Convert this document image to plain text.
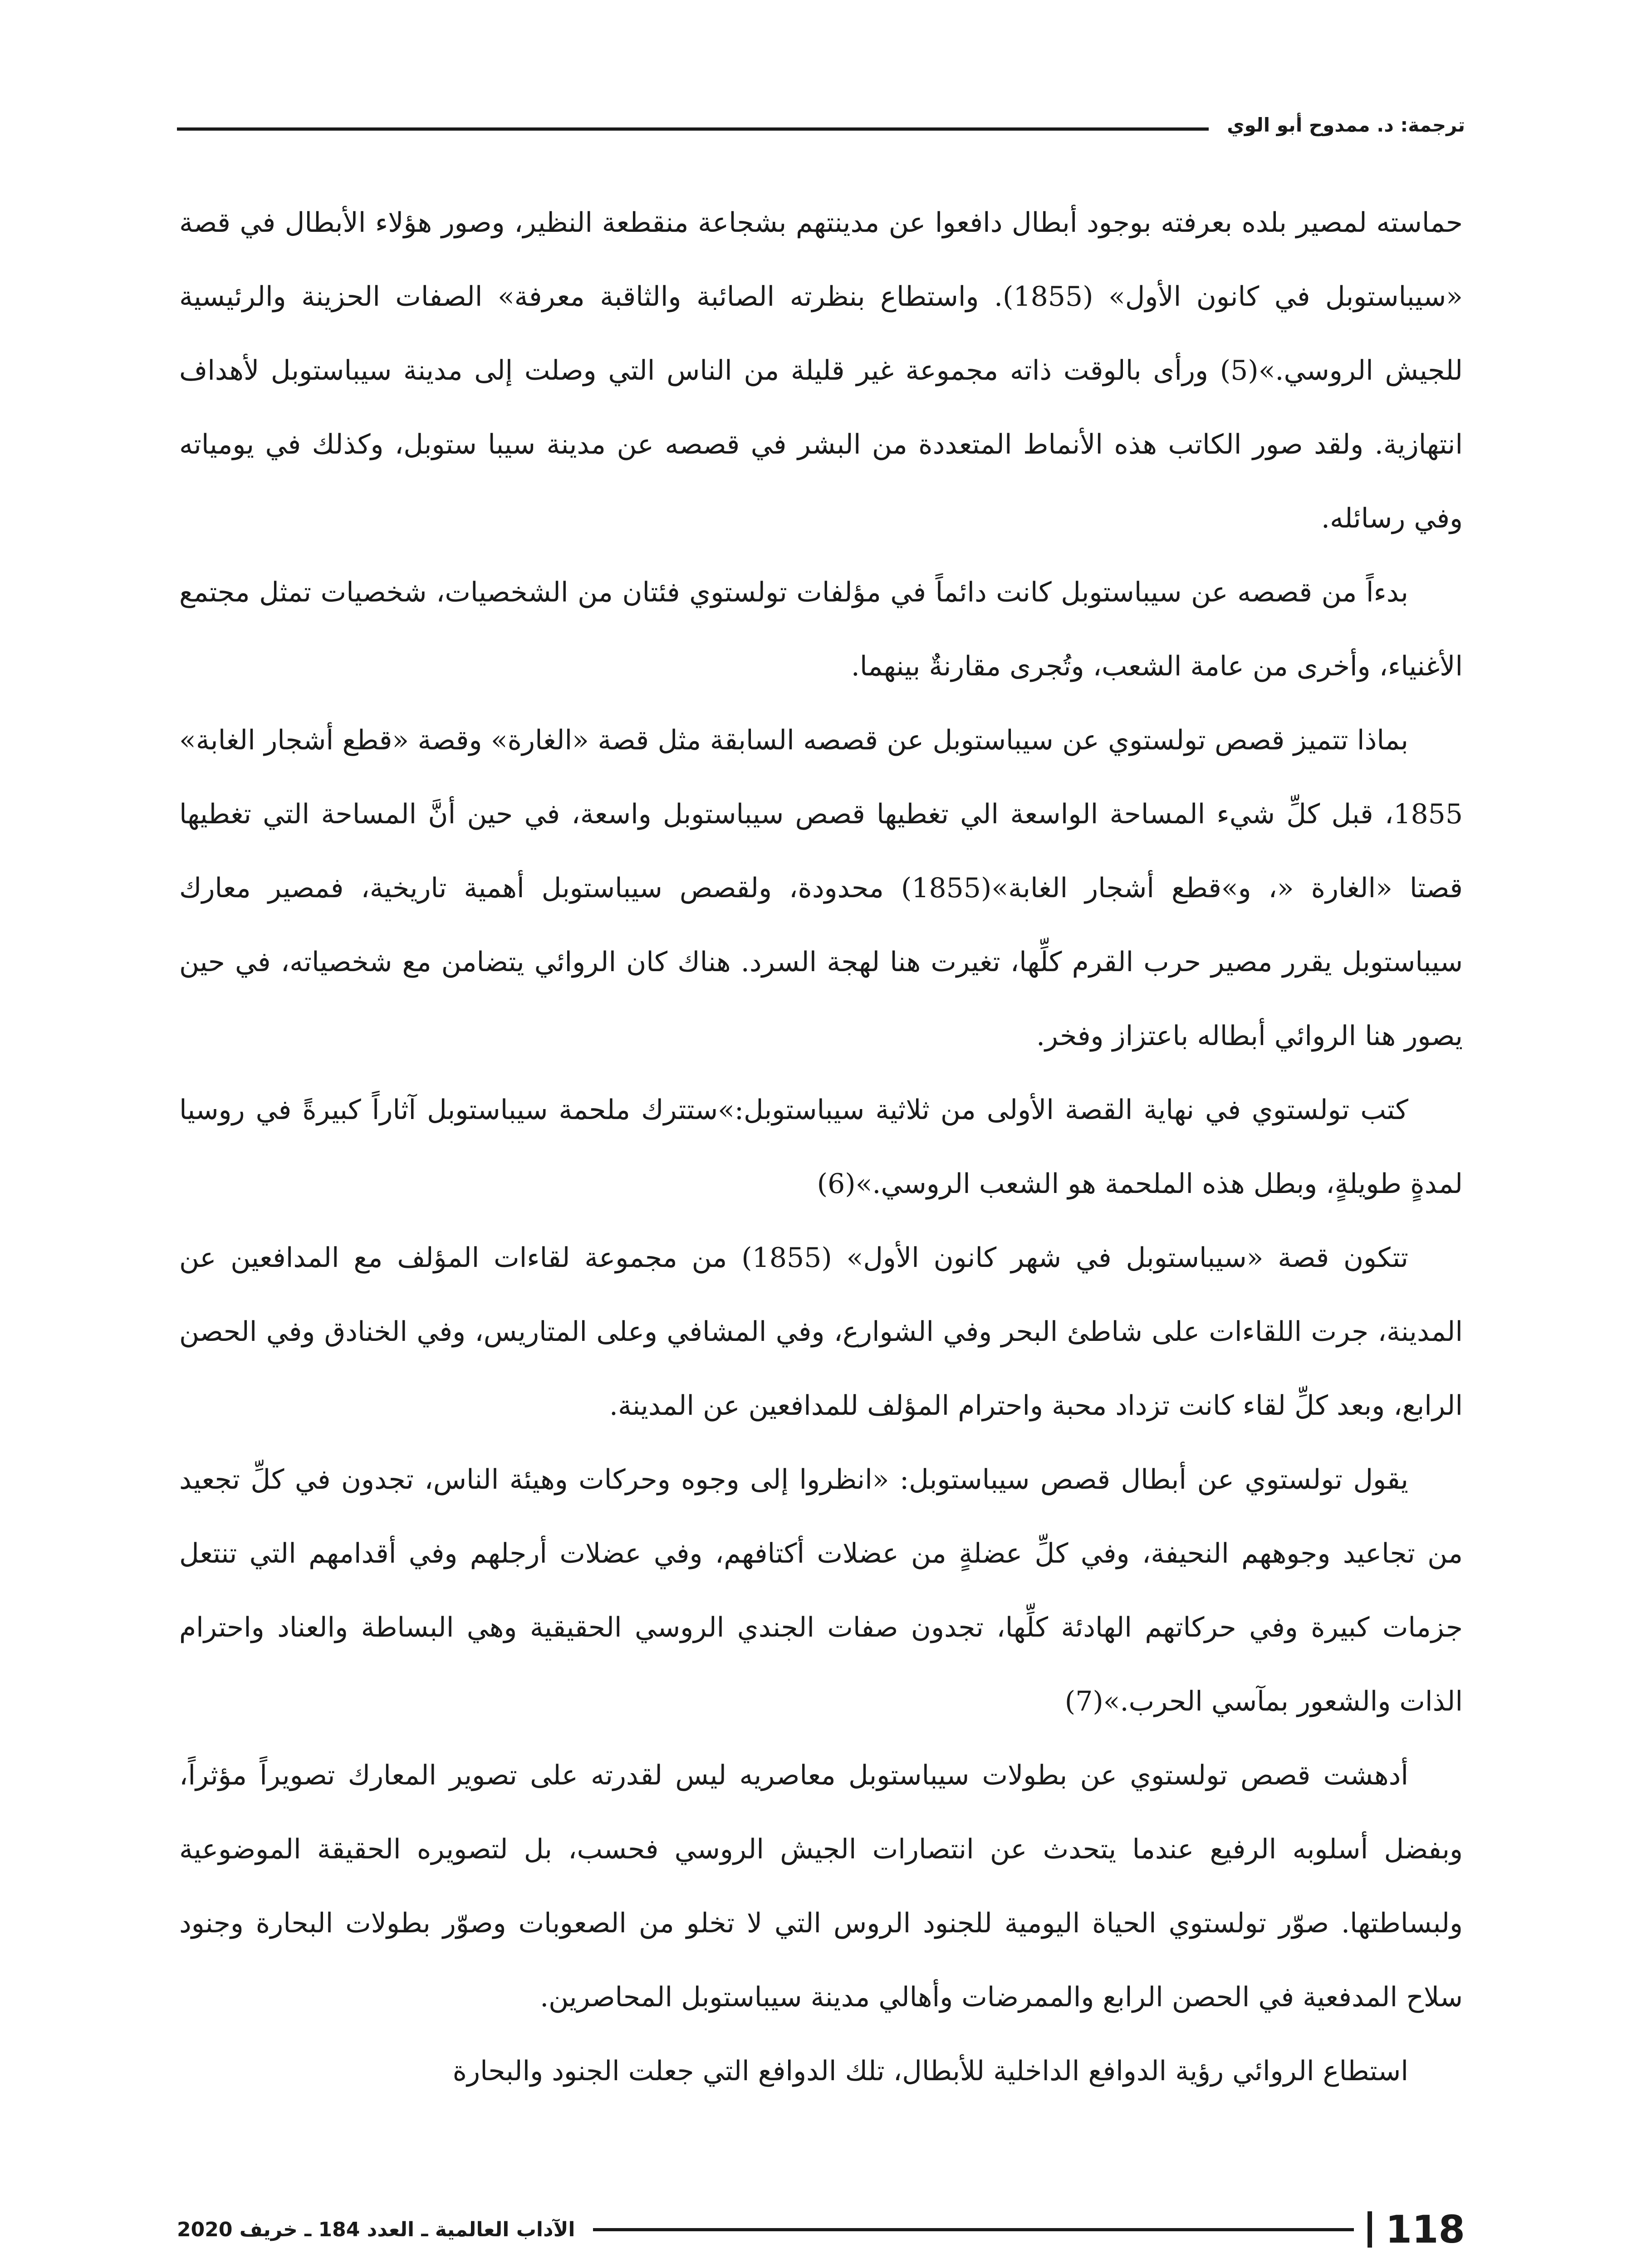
ترجمة: د. ممدوح أبو الوي

حماسته لمصير بلده بعرفته بوجود أبطال دافعوا عن مدينتهم بشجاعة منقطعة النظير، وصور هؤلاء الأبطال في قصة «سيباستوبل في كانون الأول» (1855). واستطاع بنظرته الصائبة والثاقبة معرفة» الصفات الحزينة والرئيسية للجيش الروسي.»(5) ورأى بالوقت ذاته مجموعة غير قليلة من الناس التي وصلت إلى مدينة سيباستوبل لأهداف انتهازية. ولقد صور الكاتب هذه الأنماط المتعددة من البشر في قصصه عن مدينة سيبا ستوبل، وكذلك في يومياته وفي رسائله.

بدءاً من قصصه عن سيباستوبل كانت دائماً في مؤلفات تولستوي فئتان من الشخصيات، شخصيات تمثل مجتمع الأغنياء، وأخرى من عامة الشعب، وتُجرى مقارنةٌ بينهما.

بماذا تتميز قصص تولستوي عن سيباستوبل عن قصصه السابقة مثل قصة «الغارة» وقصة «قطع أشجار الغابة» 1855، قبل كلِّ شيء المساحة الواسعة الي تغطيها قصص سيباستوبل واسعة، في حين أنَّ المساحة التي تغطيها قصتا «الغارة «، و»قطع أشجار الغابة»(1855) محدودة، ولقصص سيباستوبل أهمية تاريخية، فمصير معارك سيباستوبل يقرر مصير حرب القرم كلِّها، تغيرت هنا لهجة السرد. هناك كان الروائي يتضامن مع شخصياته، في حين يصور هنا الروائي أبطاله باعتزاز وفخر.

كتب تولستوي في نهاية القصة الأولى من ثلاثية سيباستوبل:»ستترك ملحمة سيباستوبل آثاراً كبيرةً في روسيا لمدةٍ طويلةٍ، وبطل هذه الملحمة هو الشعب الروسي.»(6)

تتكون قصة «سيباستوبل في شهر كانون الأول» (1855) من مجموعة لقاءات المؤلف مع المدافعين عن المدينة، جرت اللقاءات على شاطئ البحر وفي الشوارع، وفي المشافي وعلى المتاريس، وفي الخنادق وفي الحصن الرابع، وبعد كلِّ لقاء كانت تزداد محبة واحترام المؤلف للمدافعين عن المدينة.

يقول تولستوي عن أبطال قصص سيباستوبل: «انظروا إلى وجوه وحركات وهيئة الناس، تجدون في كلِّ تجعيد من تجاعيد وجوههم النحيفة، وفي كلِّ عضلةٍ من عضلات أكتافهم، وفي عضلات أرجلهم وفي أقدامهم التي تنتعل جزمات كبيرة وفي حركاتهم الهادئة كلِّها، تجدون صفات الجندي الروسي الحقيقية وهي البساطة والعناد واحترام الذات والشعور بمآسي الحرب.»(7)

أدهشت قصص تولستوي عن بطولات سيباستوبل معاصريه ليس لقدرته على تصوير المعارك تصويراً مؤثراً، وبفضل أسلوبه الرفيع عندما يتحدث عن انتصارات الجيش الروسي فحسب، بل لتصويره الحقيقة الموضوعية ولبساطتها. صوّر تولستوي الحياة اليومية للجنود الروس التي لا تخلو من الصعوبات وصوّر بطولات البحارة وجنود سلاح المدفعية في الحصن الرابع والممرضات وأهالي مدينة سيباستوبل المحاصرين.

استطاع الروائي رؤية الدوافع الداخلية للأبطال، تلك الدوافع التي جعلت الجنود والبحارة

118
الآداب العالمية ـ العدد 184 ـ خريف 2020
